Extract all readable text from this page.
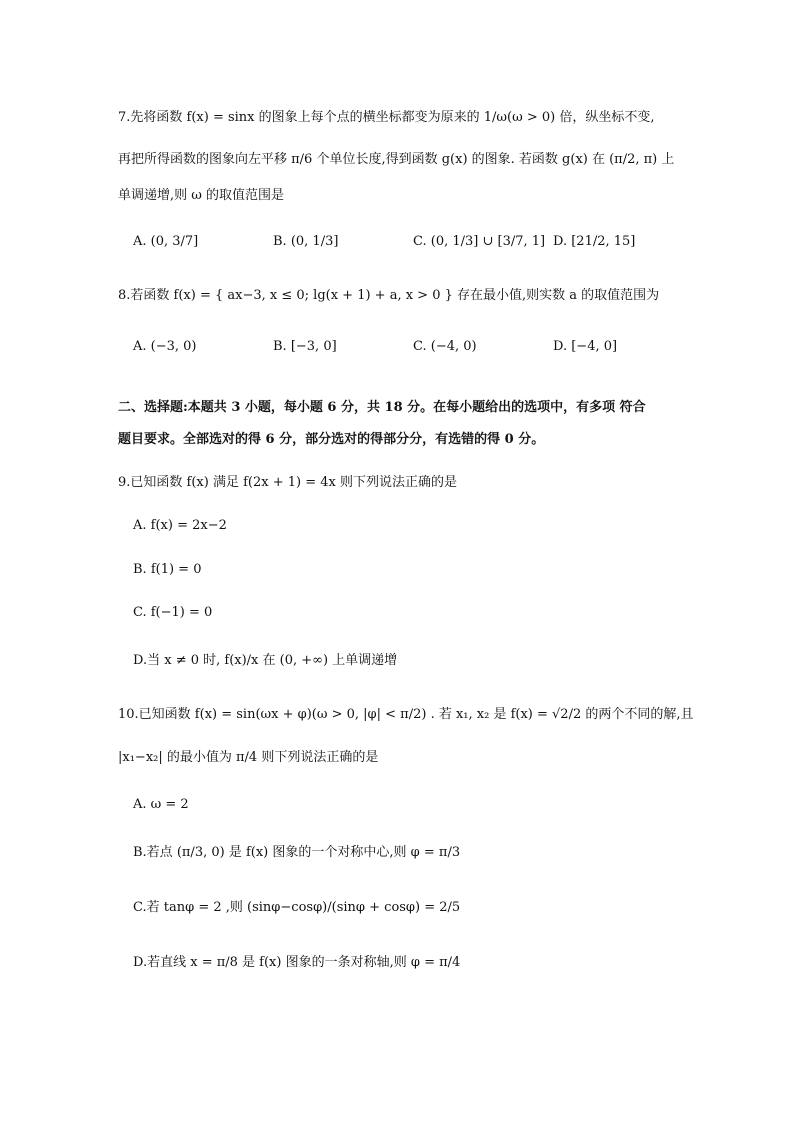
7.先将函数 f(x) = sinx 的图象上每个点的横坐标都变为原来的 1/ω(ω > 0) 倍，纵坐标不变,
再把所得函数的图象向左平移 π/6 个单位长度,得到函数 g(x) 的图象. 若函数 g(x) 在 (π/2, π) 上
单调递增,则 ω 的取值范围是
A. (0, 3/7]	B. (0, 1/3]	C. (0, 1/3] ∪ [3/7, 1] D. [21/2, 15]
8.若函数 f(x) = { ax−3, x ≤ 0; lg(x + 1) + a, x > 0 } 存在最小值,则实数 a 的取值范围为
A. (−3, 0)	B. [−3, 0]	C. (−4, 0)	D. [−4, 0]
二、选择题:本题共 3 小题，每小题 6 分，共 18 分。在每小题给出的选项中，有多项 符合
题目要求。全部选对的得 6 分，部分选对的得部分分，有选错的得 0 分。
9.已知函数 f(x) 满足 f(2x + 1) = 4x 则下列说法正确的是
A. f(x) = 2x−2
B. f(1) = 0
C. f(−1) = 0
D.当 x ≠ 0 时, f(x)/x 在 (0, +∞) 上单调递增
10.已知函数 f(x) = sin(ωx + φ)(ω > 0, |φ| < π/2) . 若 x₁, x₂ 是 f(x) = √2/2 的两个不同的解,且
|x₁−x₂| 的最小值为 π/4 则下列说法正确的是
A. ω = 2
B.若点 (π/3, 0) 是 f(x) 图象的一个对称中心,则 φ = π/3
C.若 tanφ = 2 ,则 (sinφ−cosφ)/(sinφ + cosφ) = 2/5
D.若直线 x = π/8 是 f(x) 图象的一条对称轴,则 φ = π/4
